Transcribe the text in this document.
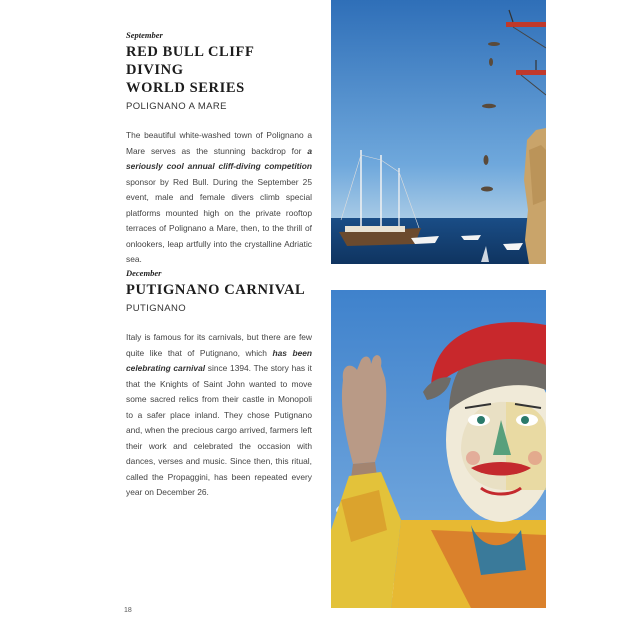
September
RED BULL CLIFF DIVING
WORLD SERIES
POLIGNANO A MARE
The beautiful white-washed town of Polignano a Mare serves as the stunning backdrop for a seriously cool annual cliff-diving competition sponsor by Red Bull. During the September 25 event, male and female divers climb special platforms mounted high on the private rooftop terraces of Polignano a Mare, then, to the thrill of onlookers, leap artfully into the crystalline Adriatic sea.
December
PUTIGNANO CARNIVAL
PUTIGNANO
Italy is famous for its carnivals, but there are few quite like that of Putignano, which has been celebrating carnival since 1394. The story has it that the Knights of Saint John wanted to move some sacred relics from their castle in Monopoli to a safer place inland. They chose Putignano and, when the precious cargo arrived, farmers left their work and celebrated the occasion with dances, verses and music. Since then, this ritual, called the Propaggini, has been repeated every year on December 26.
18
